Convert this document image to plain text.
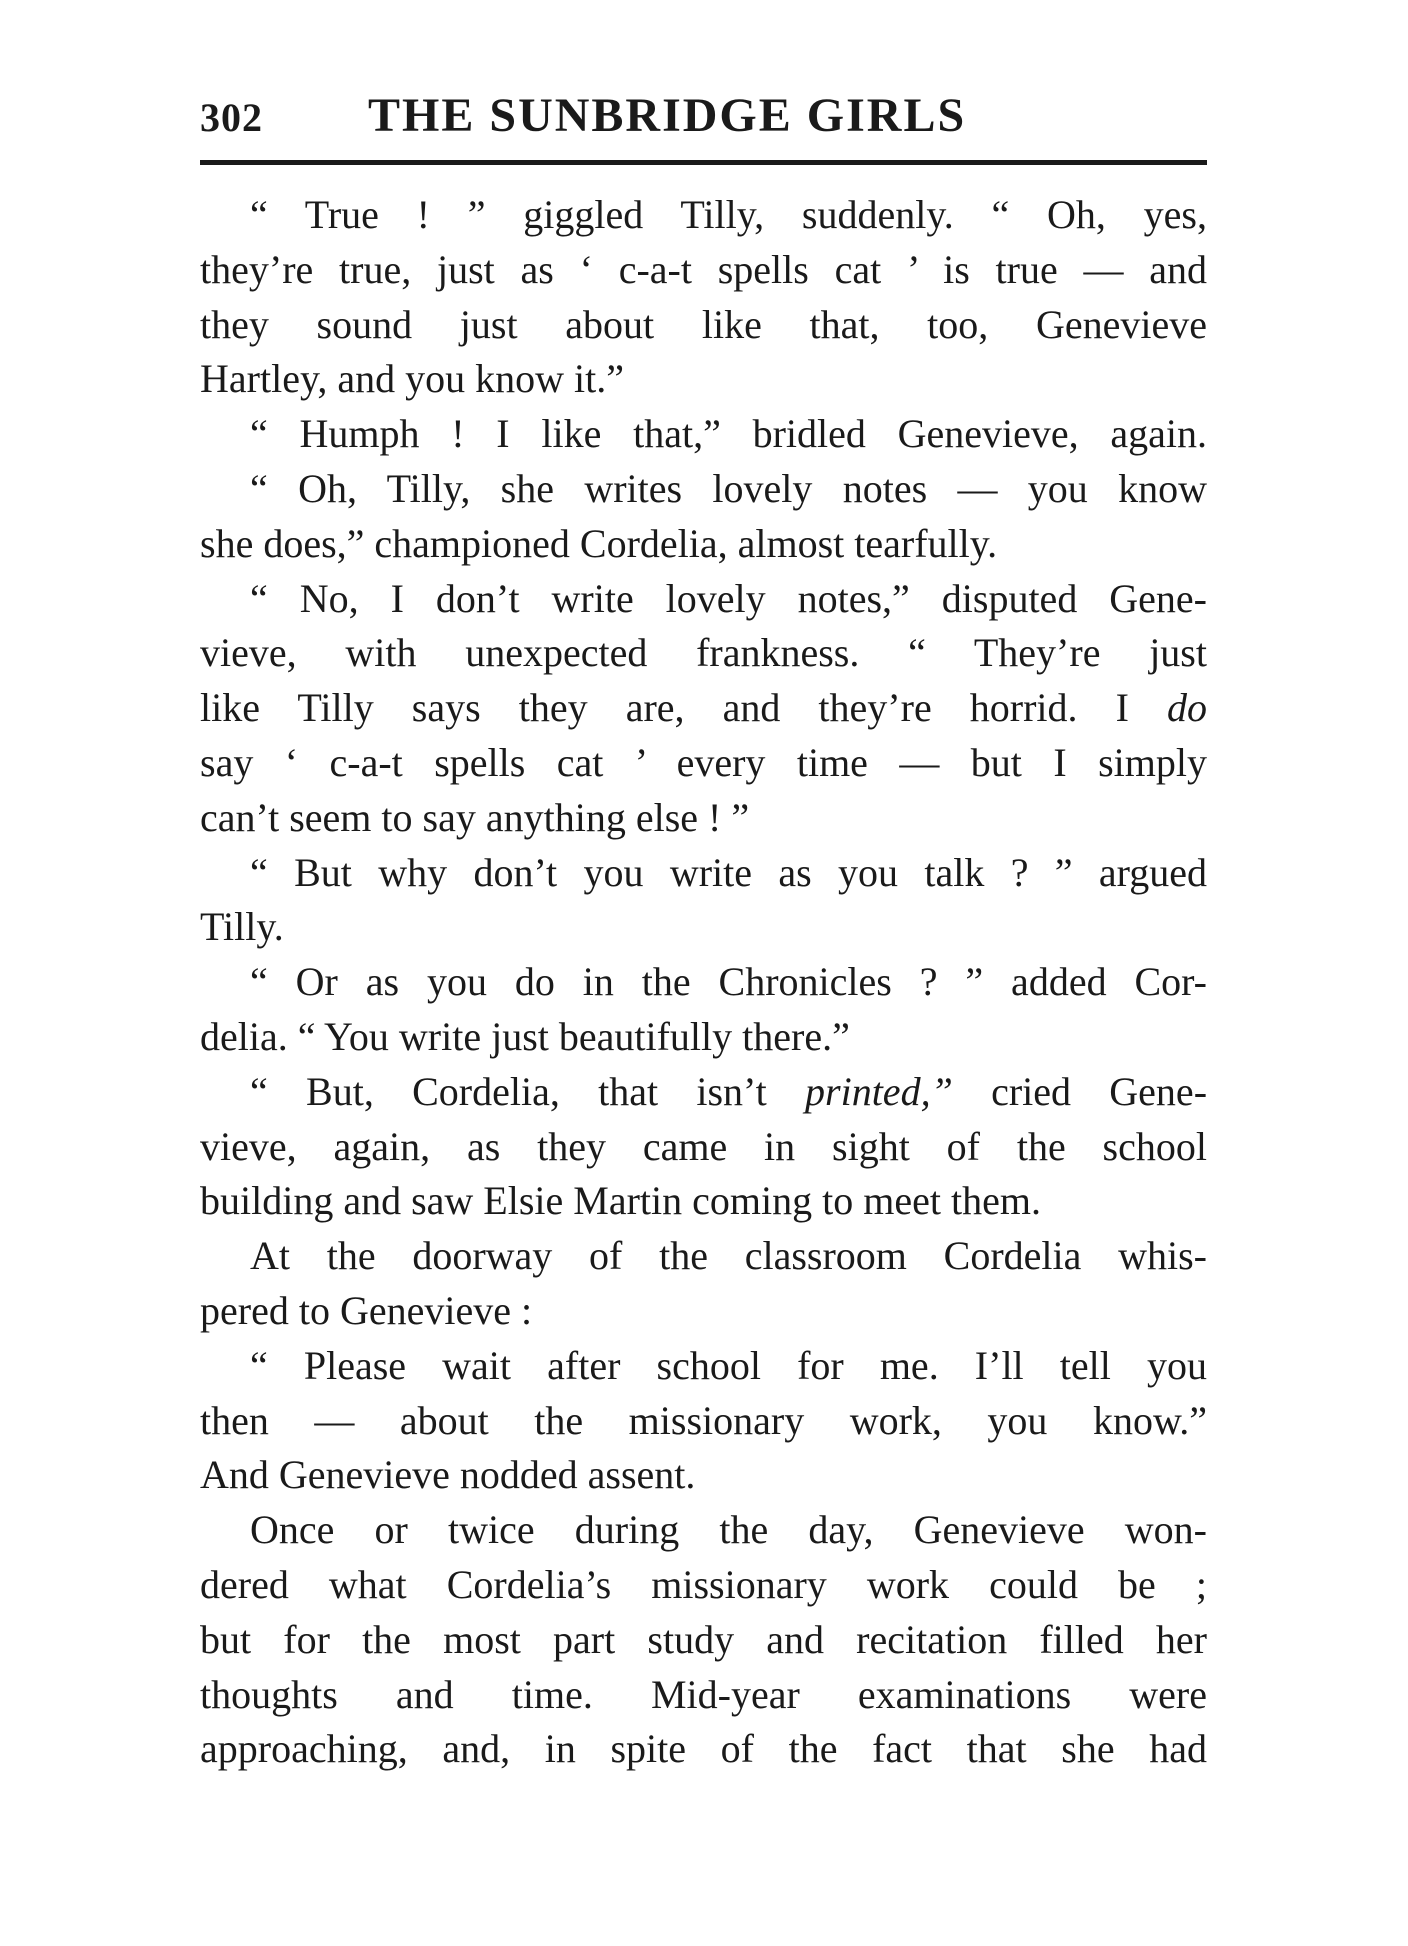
302 THE SUNBRIDGE GIRLS
“ True ! ” giggled Tilly, suddenly. “ Oh, yes,
they’re true, just as ‘ c-a-t spells cat ’ is true — and
they sound just about like that, too, Genevieve
Hartley, and you know it.”
“ Humph ! I like that,” bridled Genevieve, again.
“ Oh, Tilly, she writes lovely notes — you know
she does,” championed Cordelia, almost tearfully.
“ No, I don’t write lovely notes,” disputed Gene-
vieve, with unexpected frankness. “ They’re just
like Tilly says they are, and they’re horrid. I do
say ‘ c-a-t spells cat ’ every time — but I simply
can’t seem to say anything else ! ”
“ But why don’t you write as you talk ? ” argued
Tilly.
“ Or as you do in the Chronicles ? ” added Cor-
delia. “ You write just beautifully there.”
“ But, Cordelia, that isn’t printed,” cried Gene-
vieve, again, as they came in sight of the school
building and saw Elsie Martin coming to meet them.
At the doorway of the classroom Cordelia whis-
pered to Genevieve :
“ Please wait after school for me. I’ll tell you
then — about the missionary work, you know.”
And Genevieve nodded assent.
Once or twice during the day, Genevieve won-
dered what Cordelia’s missionary work could be ;
but for the most part study and recitation filled her
thoughts and time. Mid-year examinations were
approaching, and, in spite of the fact that she had
